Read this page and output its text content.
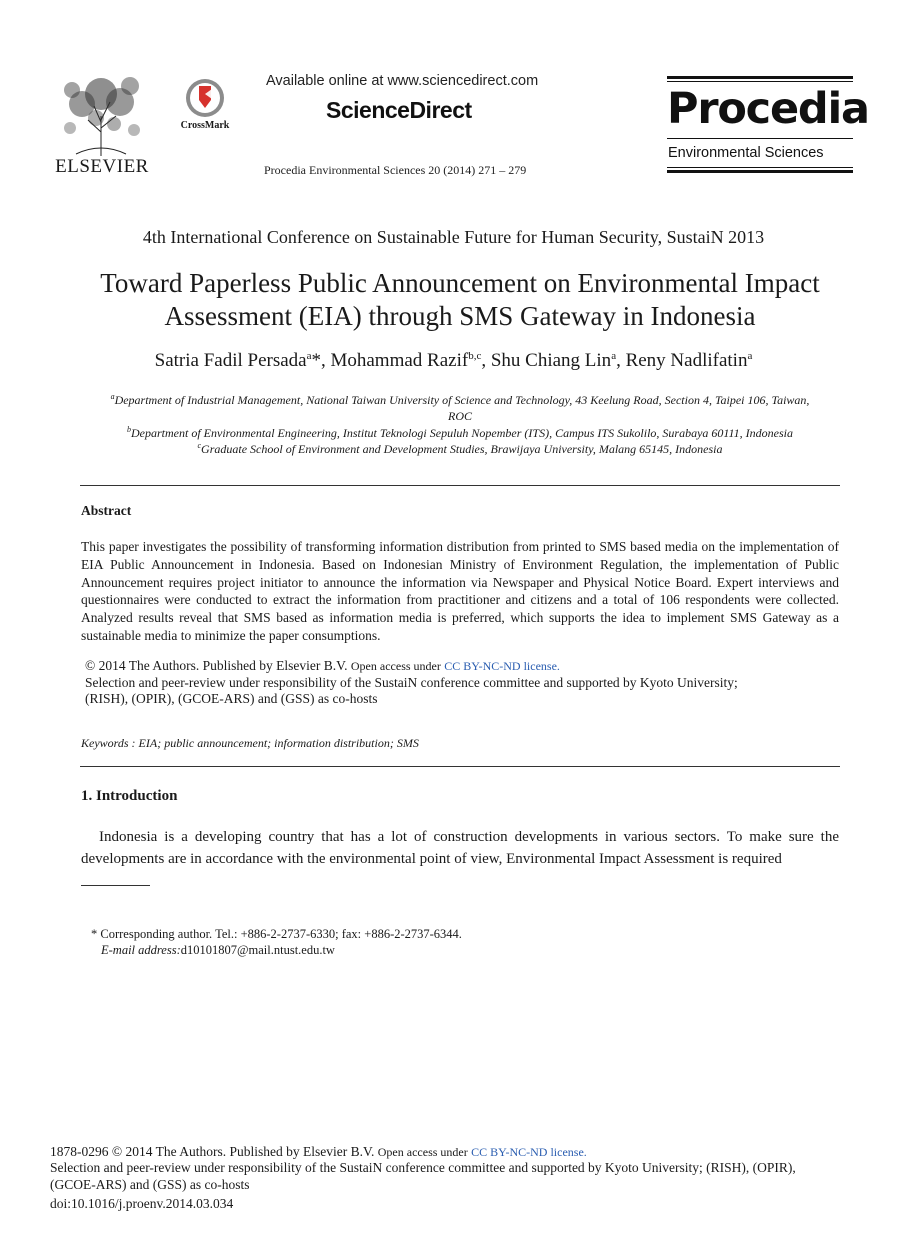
ELSEVIER
CrossMark
Available online at www.sciencedirect.com
ScienceDirect
Procedia Environmental Sciences 20 (2014) 271 – 279
Procedia
Environmental Sciences
4th International Conference on Sustainable Future for Human Security, SustaiN 2013
Toward Paperless Public Announcement on Environmental Impact
Assessment (EIA) through SMS Gateway in Indonesia
Satria Fadil Persada$^a$*, Mohammad Razif$^{b,c}$, Shu Chiang Lin$^a$, Reny Nadlifatin$^a$
$^a$Department of Industrial Management, National Taiwan University of Science and Technology, 43 Keelung Road, Section 4, Taipei 106, Taiwan,
ROC
$^b$Department of Environmental Engineering, Institut Teknologi Sepuluh Nopember (ITS), Campus ITS Sukolilo, Surabaya 60111, Indonesia
$^c$Graduate School of Environment and Development Studies, Brawijaya University, Malang 65145, Indonesia
Abstract
This paper investigates the possibility of transforming information distribution from printed to SMS based media on the implementation of EIA Public Announcement in Indonesia. Based on Indonesian Ministry of Environment Regulation, the implementation of Public Announcement requires project initiator to announce the information via Newspaper and Physical Notice Board. Expert interviews and questionnaires were conducted to extract the information from practitioner and citizens and a total of 106 respondents were collected. Analyzed results reveal that SMS based as information media is preferred, which supports the idea to implement SMS Gateway as a sustainable media to minimize the paper consumptions.
© 2014 The Authors. Published by Elsevier B.V. Open access under CC BY-NC-ND license.
Selection and peer-review under responsibility of the SustaiN conference committee and supported by Kyoto University;
(RISH), (OPIR), (GCOE-ARS) and (GSS) as co-hosts
Keywords : EIA; public announcement; information distribution; SMS
1. Introduction
Indonesia is a developing country that has a lot of construction developments in various sectors. To make sure the developments are in accordance with the environmental point of view, Environmental Impact Assessment is required
* Corresponding author. Tel.: +886-2-2737-6330; fax: +886-2-2737-6344.
E-mail address:d10101807@mail.ntust.edu.tw
1878-0296 © 2014 The Authors. Published by Elsevier B.V. Open access under CC BY-NC-ND license.
Selection and peer-review under responsibility of the SustaiN conference committee and supported by Kyoto University; (RISH), (OPIR),
(GCOE-ARS) and (GSS) as co-hosts
doi:10.1016/j.proenv.2014.03.034
